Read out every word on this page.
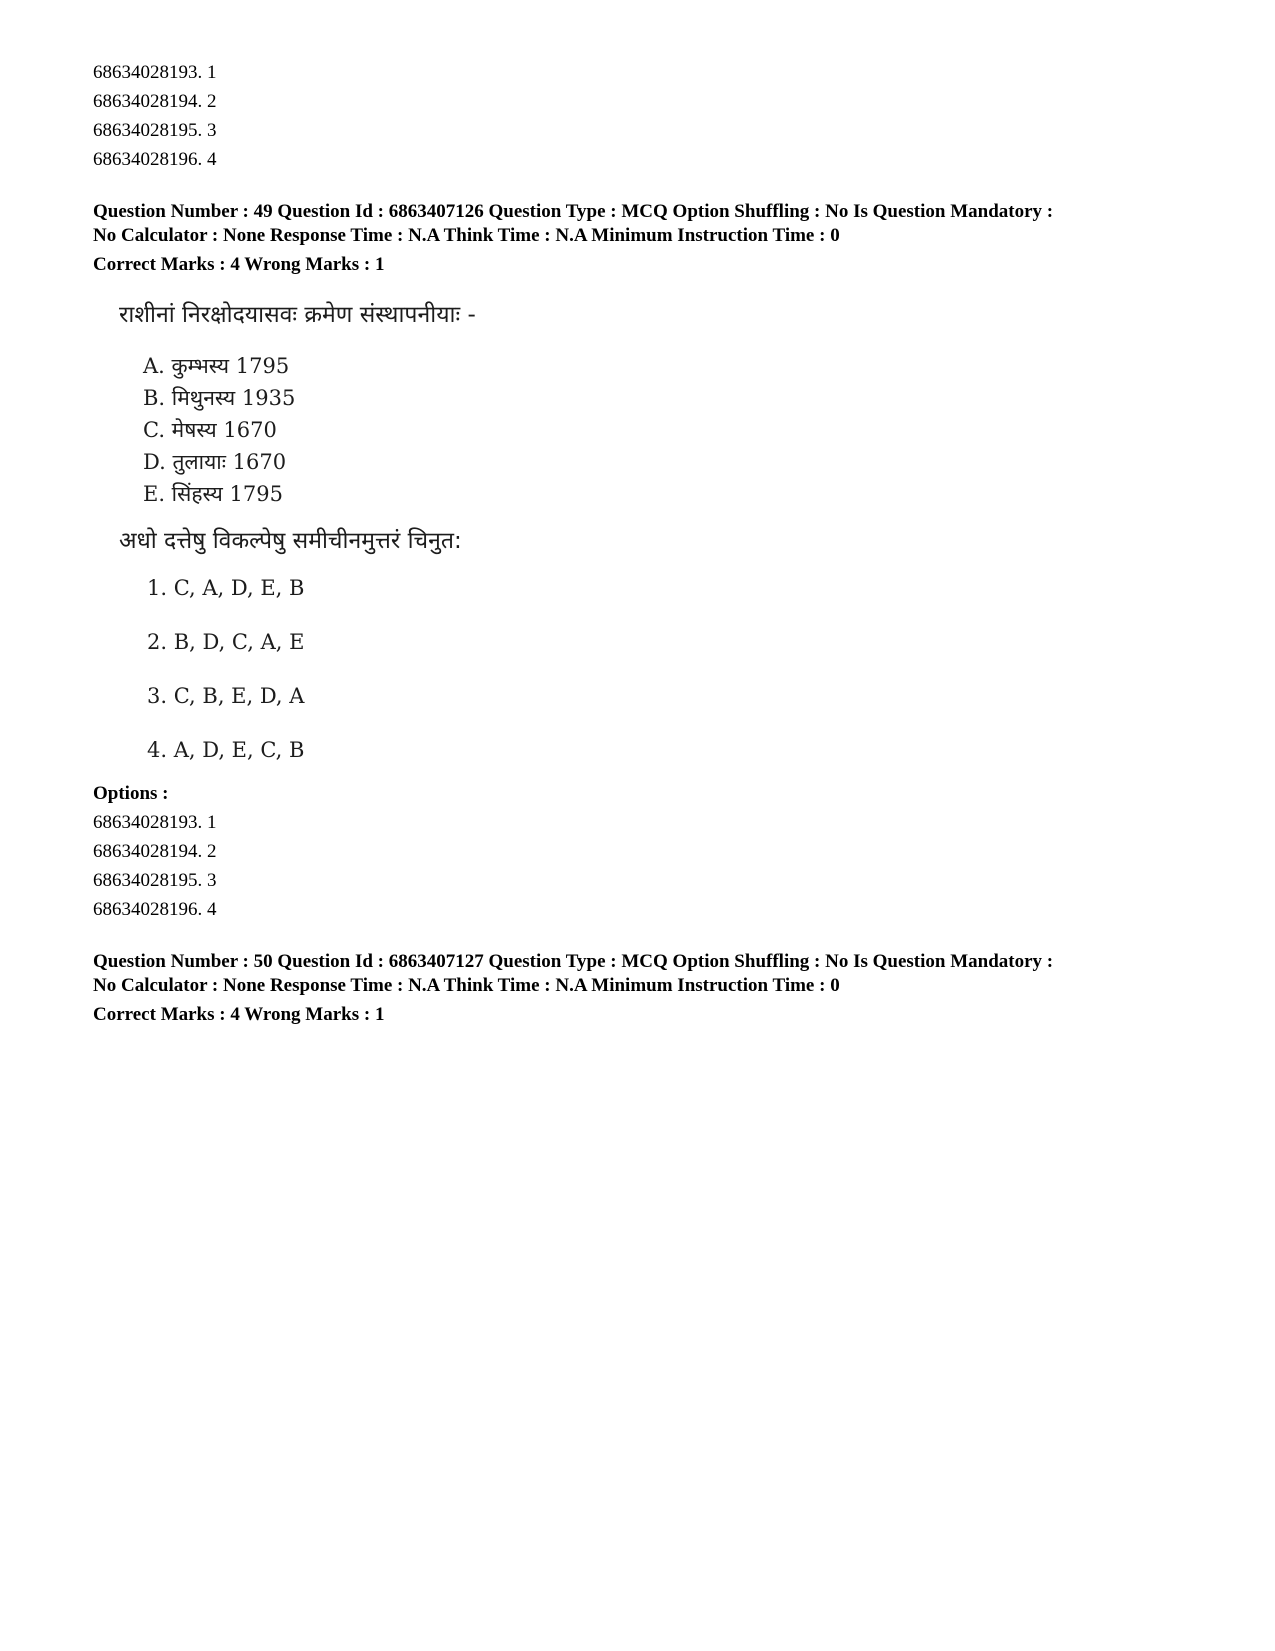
68634028193. 1
68634028194. 2
68634028195. 3
68634028196. 4
Question Number : 49 Question Id : 6863407126 Question Type : MCQ Option Shuffling : No Is Question Mandatory :
No Calculator : None Response Time : N.A Think Time : N.A Minimum Instruction Time : 0
Correct Marks : 4 Wrong Marks : 1
राशीनां निरक्षोदयासवः क्रमेण संस्थापनीयाः -
A. कुम्भस्य 1795
B. मिथुनस्य 1935
C. मेषस्य 1670
D. तुलायाः 1670
E. सिंहस्य 1795
अधो दत्तेषु विकल्पेषु समीचीनमुत्तरं चिनुत:
1. C, A, D, E, B
2. B, D, C, A, E
3. C, B, E, D, A
4. A, D, E, C, B
Options :
68634028193. 1
68634028194. 2
68634028195. 3
68634028196. 4
Question Number : 50 Question Id : 6863407127 Question Type : MCQ Option Shuffling : No Is Question Mandatory :
No Calculator : None Response Time : N.A Think Time : N.A Minimum Instruction Time : 0
Correct Marks : 4 Wrong Marks : 1
